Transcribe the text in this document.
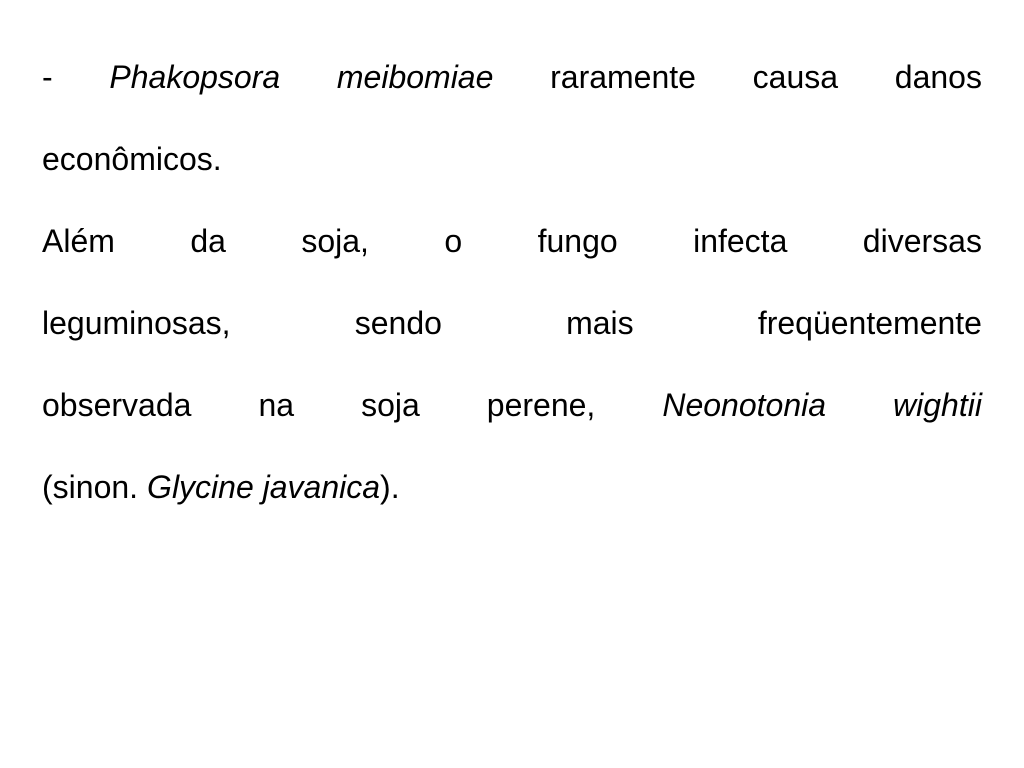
- Phakopsora meibomiae raramente causa danos
econômicos.
Além da soja, o fungo infecta diversas
leguminosas,	sendo	mais	freqüentemente
observada na soja perene, Neonotonia wightii
(sinon. Glycine javanica ).
